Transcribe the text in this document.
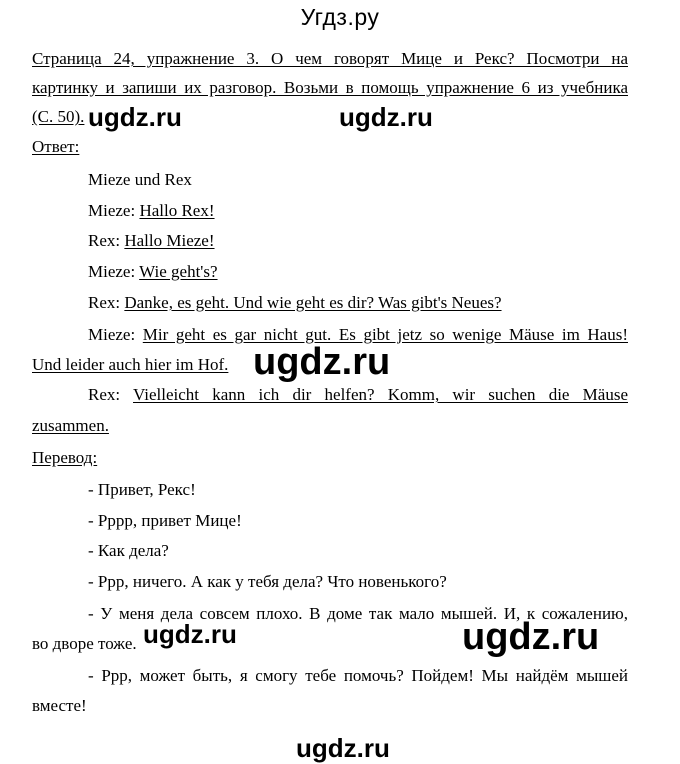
Угдз.ру
Страница 24, упражнение 3. О чем говорят Мице и Рекс? Посмотри на
картинку и запиши их разговор. Возьми в помощь упражнение 6 из учебника
(С. 50).
Ответ:
Mieze und Rex
Mieze: Hallo Rex!
Rex: Hallo Mieze!
Mieze: Wie geht's?
Rex: Danke, es geht. Und wie geht es dir? Was gibt's Neues?
Mieze: Mir geht es gar nicht gut. Es gibt jetz so wenige Mäuse im Haus!
Und leider auch hier im Hof.
Rex: Vielleicht kann ich dir helfen? Komm, wir suchen die Mäuse
zusammen.
Перевод:
- Привет, Рекс!
- Рррр, привет Мице!
- Как дела?
- Ррр, ничего. А как у тебя дела? Что новенького?
- У меня дела совсем плохо. В доме так мало мышей. И, к сожалению,
во дворе тоже.
- Ррр, может быть, я смогу тебе помочь? Пойдем! Мы найдём мышей
вместе!
ugdz.ru	ugdz.ru
ugdz.ru
ugdz.ru	ugdz.ru
ugdz.ru
